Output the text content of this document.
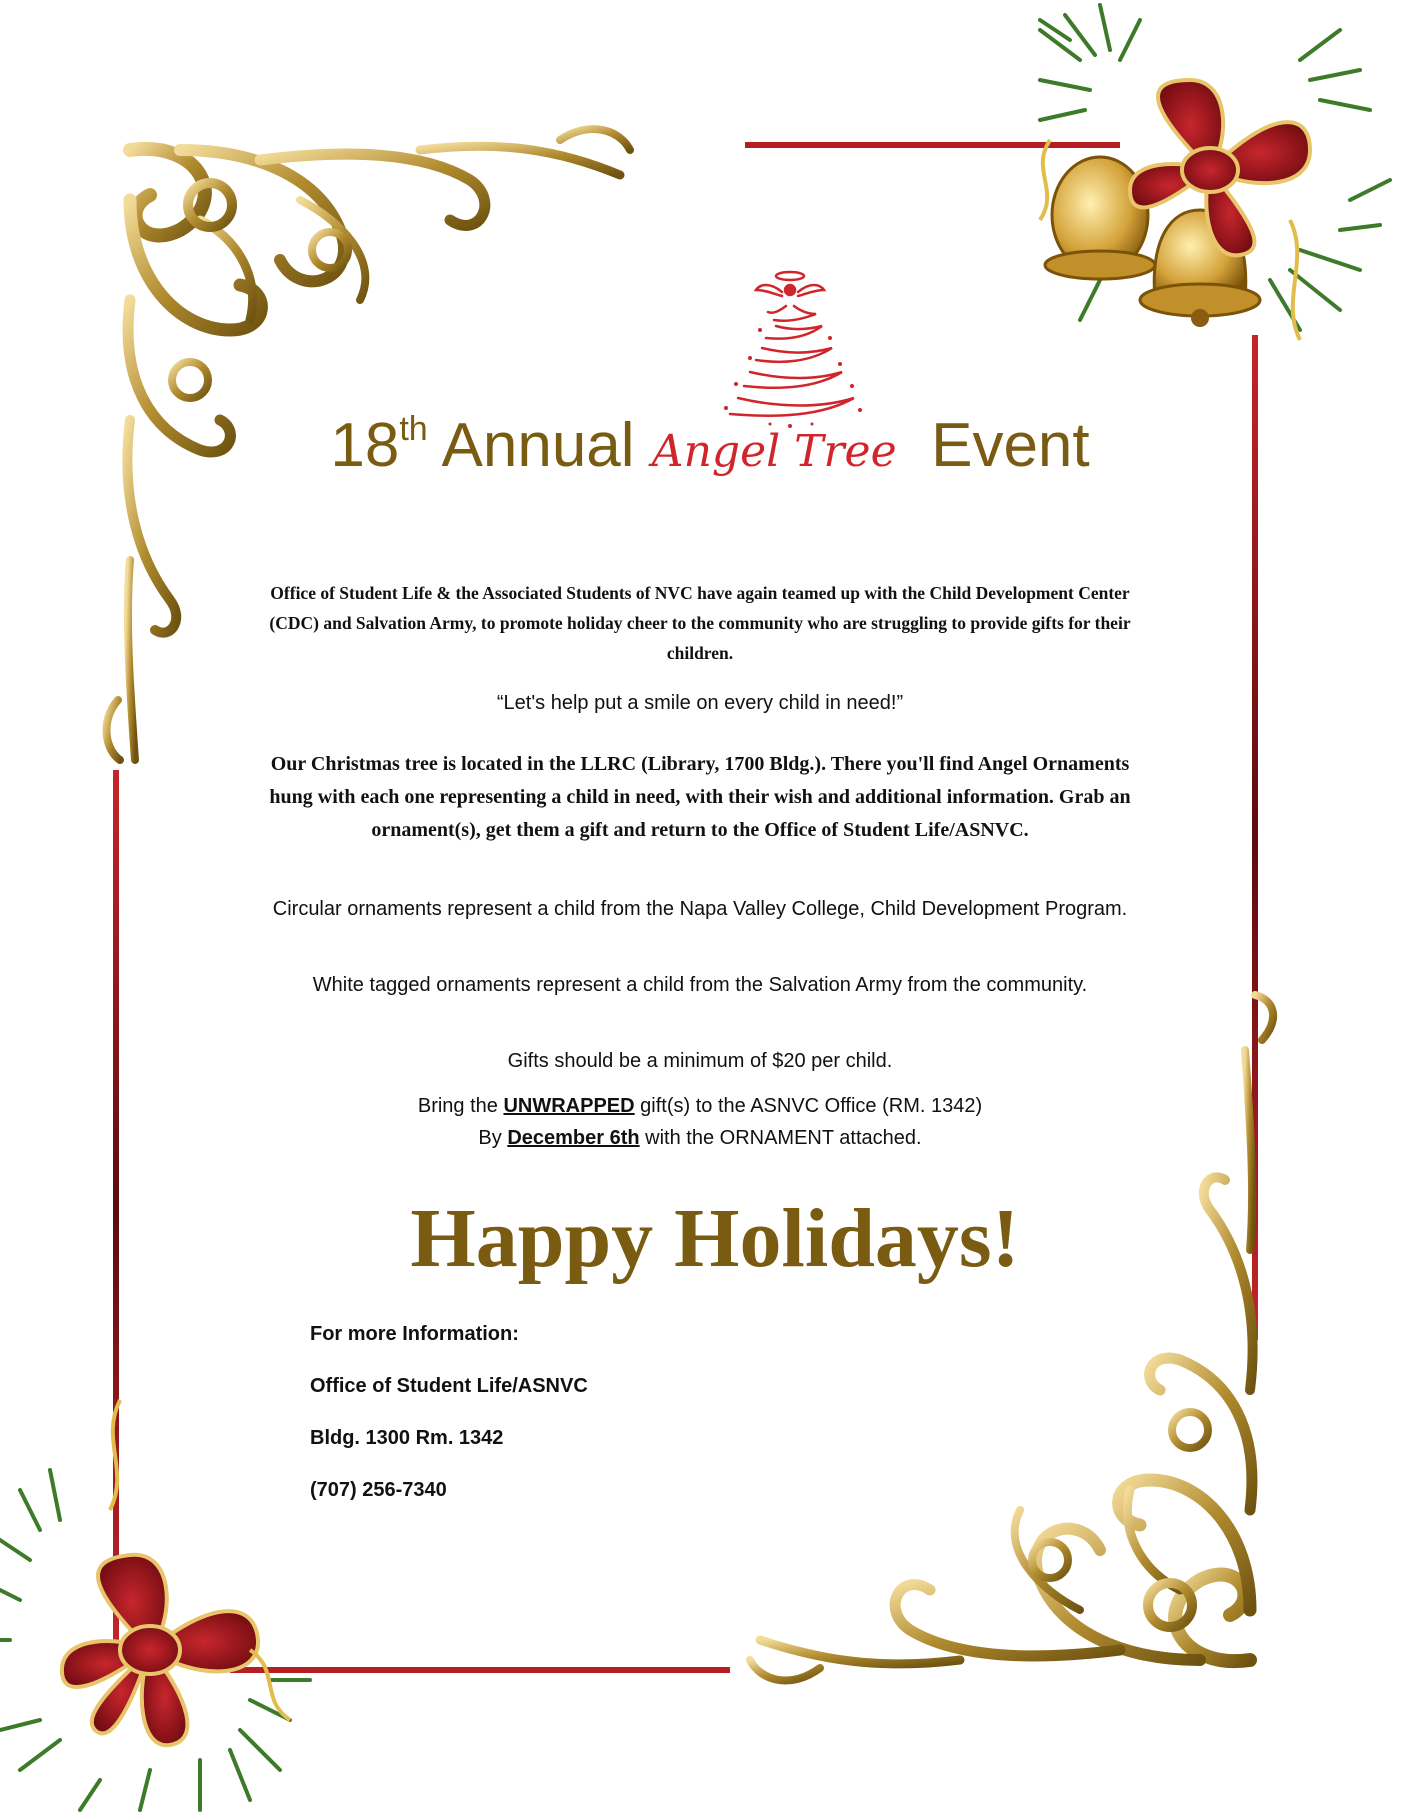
18th Annual Angel Tree Event
Office of Student Life & the Associated Students of NVC have again teamed up with the Child Development Center (CDC) and Salvation Army, to promote holiday cheer to the community who are struggling to provide gifts for their children.
“Let's help put a smile on every child in need!”
Our Christmas tree is located in the LLRC (Library, 1700 Bldg.). There you'll find Angel Ornaments hung with each one representing a child in need, with their wish and additional information. Grab an ornament(s), get them a gift and return to the Office of Student Life/ASNVC.
Circular ornaments represent a child from the Napa Valley College, Child Development Program.
White tagged ornaments represent a child from the Salvation Army from the community.
Gifts should be a minimum of $20 per child.
Bring the UNWRAPPED gift(s) to the ASNVC Office (RM. 1342)
By December 6th with the ORNAMENT attached.
Happy Holidays!
For more Information:
Office of Student Life/ASNVC
Bldg. 1300 Rm. 1342
(707) 256-7340
